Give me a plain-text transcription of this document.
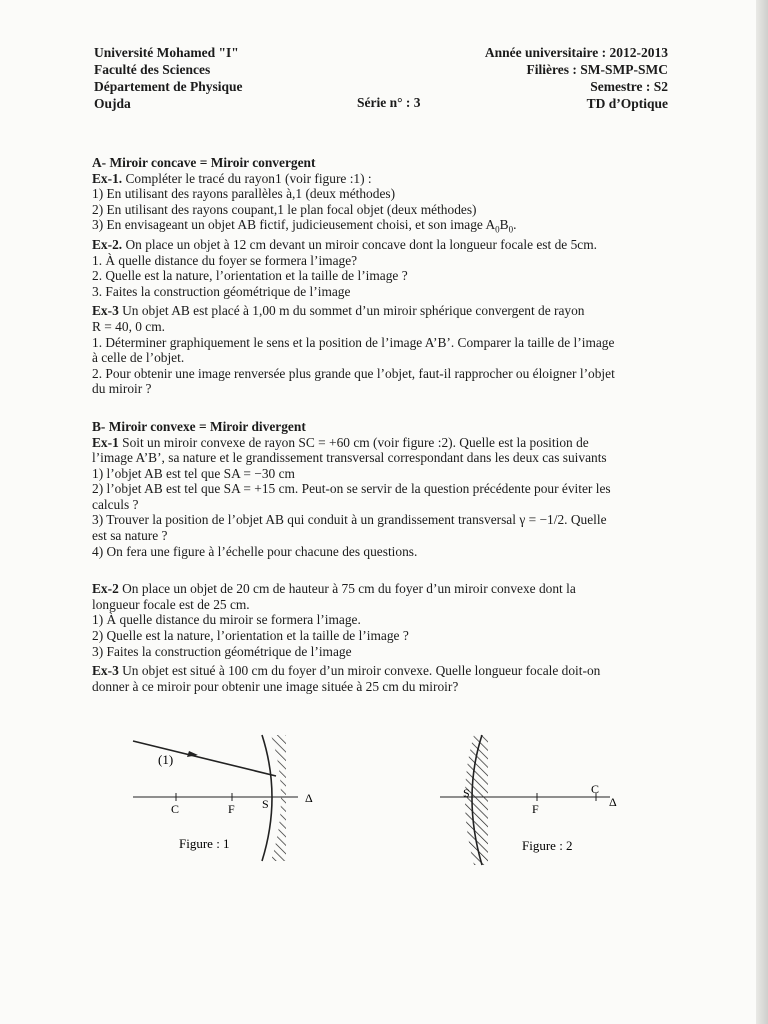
Université Mohamed "I"
Faculté des Sciences
Département de Physique
Oujda
Année universitaire : 2012-2013
Filières : SM-SMP-SMC
Semestre : S2
TD d’Optique
Série n° : 3

A- Miroir concave = Miroir convergent

Ex-1. Compléter le tracé du rayon1 (voir figure :1) :

1) En utilisant des rayons parallèles à,1 (deux méthodes)

2) En utilisant des rayons coupant,1 le plan focal objet (deux méthodes)

3) En envisageant un objet AB fictif, judicieusement choisi, et son image $A_0B_0$.

Ex-2. On place un objet à 12 cm devant un miroir concave dont la longueur focale est de 5cm.

1. À quelle distance du foyer se formera l’image?

2. Quelle est la nature, l’orientation et la taille de l’image ?

3. Faites la construction géométrique de l’image

Ex-3 Un objet AB est placé à 1,00 m du sommet d’un miroir sphérique convergent de rayon

R = 40, 0 cm.

1. Déterminer graphiquement le sens et la position de l’image A’B’. Comparer la taille de l’image

à celle de l’objet.

2. Pour obtenir une image renversée plus grande que l’objet, faut-il rapprocher ou éloigner l’objet

du miroir ?

B- Miroir convexe = Miroir divergent

Ex-1 Soit un miroir convexe de rayon SC = +60 cm (voir figure :2). Quelle est la position de

l’image A’B’, sa nature et le grandissement transversal correspondant dans les deux cas suivants

1) l’objet AB est tel que SA = −30 cm

2) l’objet AB est tel que SA = +15 cm. Peut-on se servir de la question précédente pour éviter les

calculs ?

3) Trouver la position de l’objet AB qui conduit à un grandissement transversal γ = −1/2. Quelle

est sa nature ?

4) On fera une figure à l’échelle pour chacune des questions.

Ex-2 On place un objet de 20 cm de hauteur à 75 cm du foyer d’un miroir convexe dont la

longueur focale est de 25 cm.

1) À quelle distance du miroir se formera l’image.

2) Quelle est la nature, l’orientation et la taille de l’image ?

3) Faites la construction géométrique de l’image

Ex-3 Un objet est situé à 100 cm du foyer d’un miroir convexe. Quelle longueur focale doit-on

donner à ce miroir pour obtenir une image située à 25 cm du miroir?

(1)
C	F S	Δ
Figure : 1
S
F
C
Δ
Figure : 2
